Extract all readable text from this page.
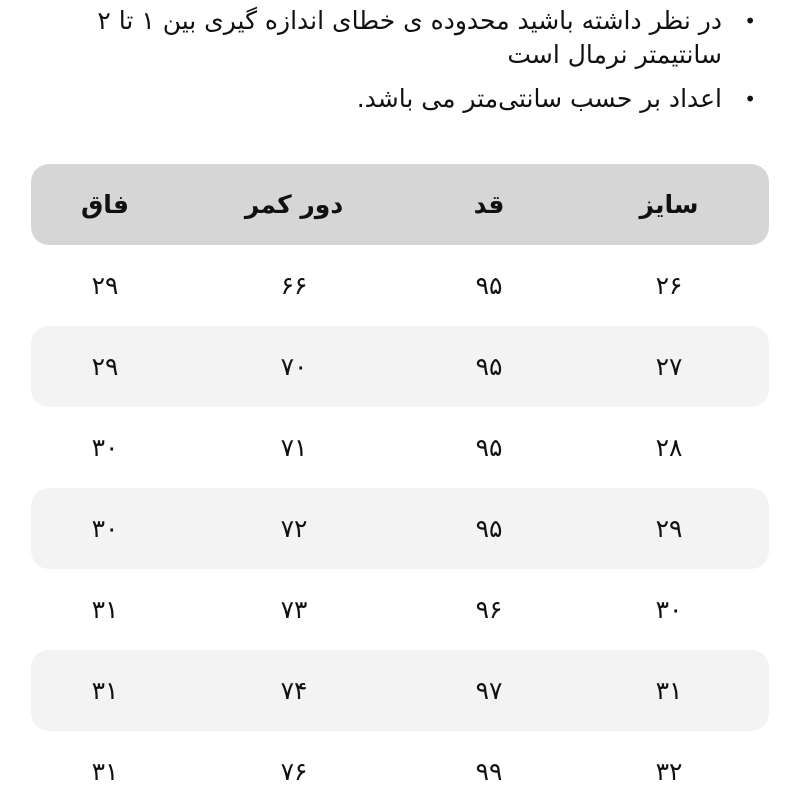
•
در نظر داشته باشید محدوده ی خطای اندازه گیری بین ۱ تا ۲ سانتیمتر نرمال است
•
اعداد بر حسب سانتی‌متر می باشد.
سایز
قد
دور کمر
فاق
۲۶
۹۵
۶۶
۲۹
۲۷
۹۵
۷۰
۲۹
۲۸
۹۵
۷۱
۳۰
۲۹
۹۵
۷۲
۳۰
۳۰
۹۶
۷۳
۳۱
۳۱
۹۷
۷۴
۳۱
۳۲
۹۹
۷۶
۳۱
